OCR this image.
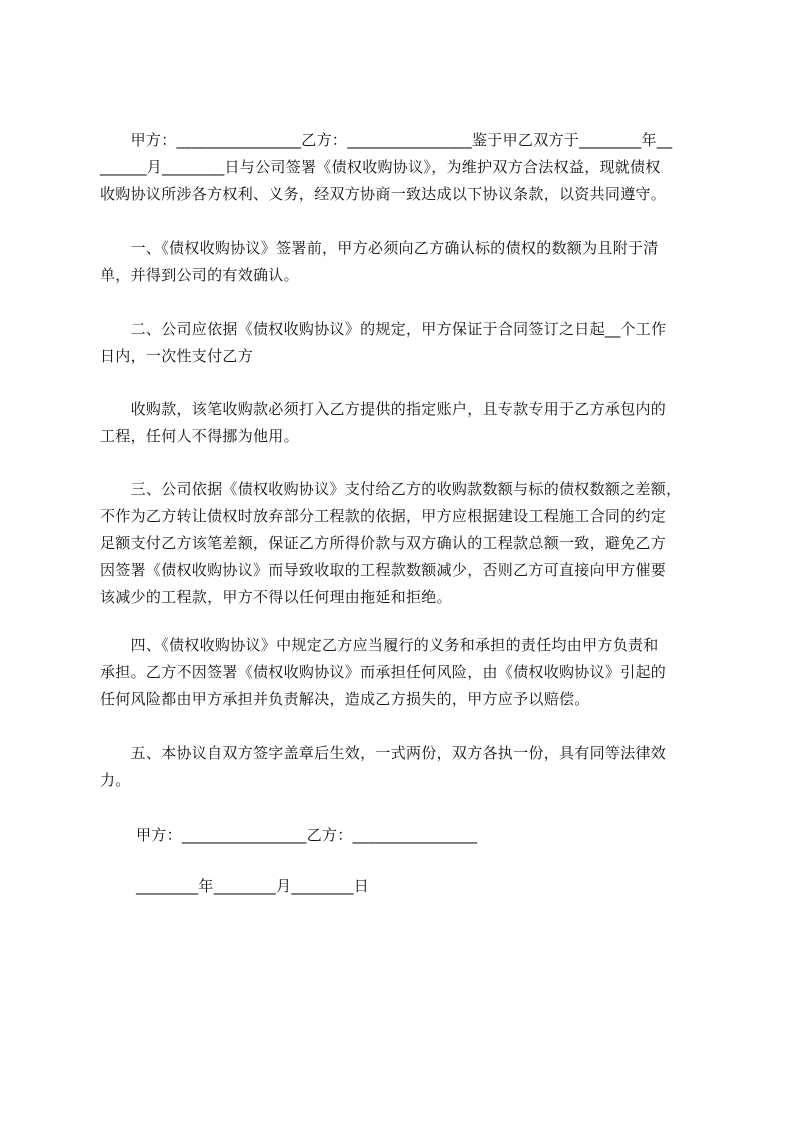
　　甲方：________________乙方：________________鉴于甲乙双方于________年__
______月________日与公司签署《债权收购协议》，为维护双方合法权益，现就债权
收购协议所涉各方权利、义务，经双方协商一致达成以下协议条款，以资共同遵守。
　　一、《债权收购协议》签署前，甲方必须向乙方确认标的债权的数额为且附于清
单，并得到公司的有效确认。
　　二、公司应依据《债权收购协议》的规定，甲方保证于合同签订之日起__个工作
日内，一次性支付乙方
　　收购款，该笔收购款必须打入乙方提供的指定账户，且专款专用于乙方承包内的
工程，任何人不得挪为他用。
　　三、公司依据《债权收购协议》支付给乙方的收购款数额与标的债权数额之差额，
不作为乙方转让债权时放弃部分工程款的依据，甲方应根据建设工程施工合同的约定
足额支付乙方该笔差额，保证乙方所得价款与双方确认的工程款总额一致，避免乙方
因签署《债权收购协议》而导致收取的工程款数额减少，否则乙方可直接向甲方催要
该减少的工程款，甲方不得以任何理由拖延和拒绝。
　　四、《债权收购协议》中规定乙方应当履行的义务和承担的责任均由甲方负责和
承担。乙方不因签署《债权收购协议》而承担任何风险，由《债权收购协议》引起的
任何风险都由甲方承担并负责解决，造成乙方损失的，甲方应予以赔偿。
　　五、本协议自双方签字盖章后生效，一式两份，双方各执一份，具有同等法律效
力。
甲方：________________乙方：________________
________年________月________日
